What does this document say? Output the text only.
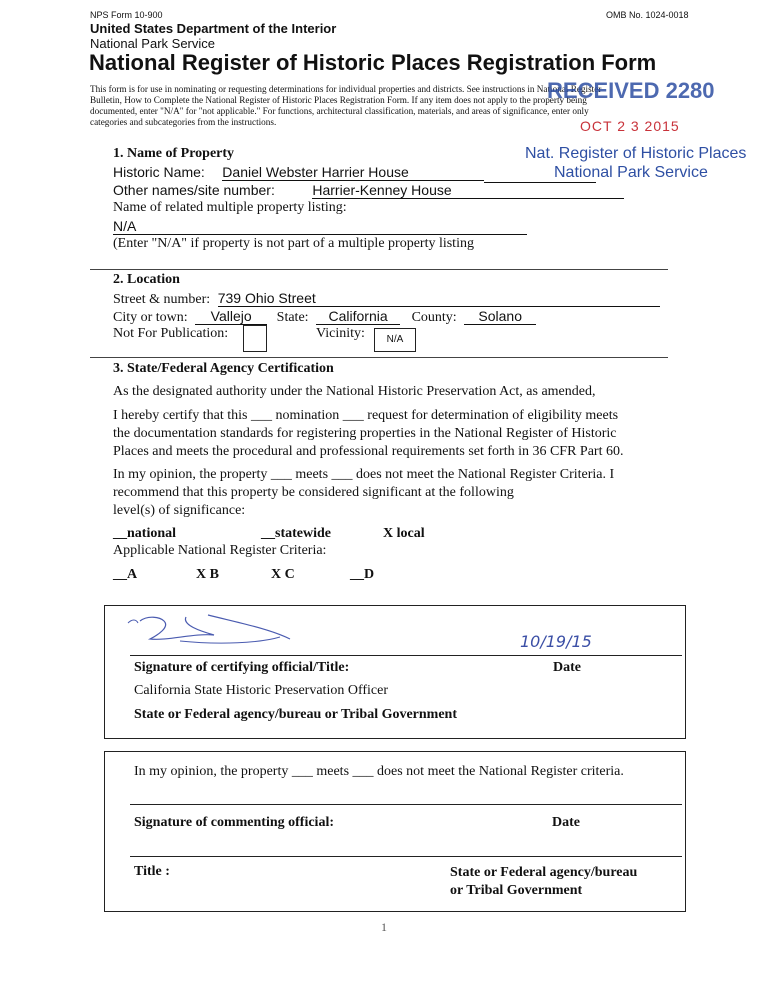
NPS Form 10-900	OMB No. 1024-0018
United States Department of the Interior
National Park Service
National Register of Historic Places Registration Form
This form is for use in nominating or requesting determinations for individual properties and districts. See instructions in National Register
Bulletin, How to Complete the National Register of Historic Places Registration Form. If any item does not apply to the property being
documented, enter "N/A" for "not applicable." For functions, architectural classification, materials, and areas of significance, enter only
categories and subcategories from the instructions.
RECEIVED 2280
OCT 2 3 2015
Nat. Register of Historic Places
National Park Service
1. Name of Property
Historic Name: Daniel Webster Harrier House
Other names/site number:	Harrier-Kenney House
Name of related multiple property listing:
N/A
(Enter "N/A" if property is not part of a multiple property listing
2. Location
Street & number: 739 Ohio Street
City or town: Vallejo State: California County: Solano
Not For Publication:	Vicinity:	N/A
3. State/Federal Agency Certification
As the designated authority under the National Historic Preservation Act, as amended,
I hereby certify that this ___ nomination ___ request for determination of eligibility meets
the documentation standards for registering properties in the National Register of Historic
Places and meets the procedural and professional requirements set forth in 36 CFR Part 60.
In my opinion, the property ___ meets ___ does not meet the National Register Criteria. I
recommend that this property be considered significant at the following
level(s) of significance:
__national	__statewide	X local
Applicable National Register Criteria:
__A	X B	X C	__D
10/19/15
Signature of certifying official/Title:	Date
California State Historic Preservation Officer
State or Federal agency/bureau or Tribal Government
In my opinion, the property ___ meets ___ does not meet the National Register criteria.
Signature of commenting official:	Date
Title :	State or Federal agency/bureau
or Tribal Government
1
